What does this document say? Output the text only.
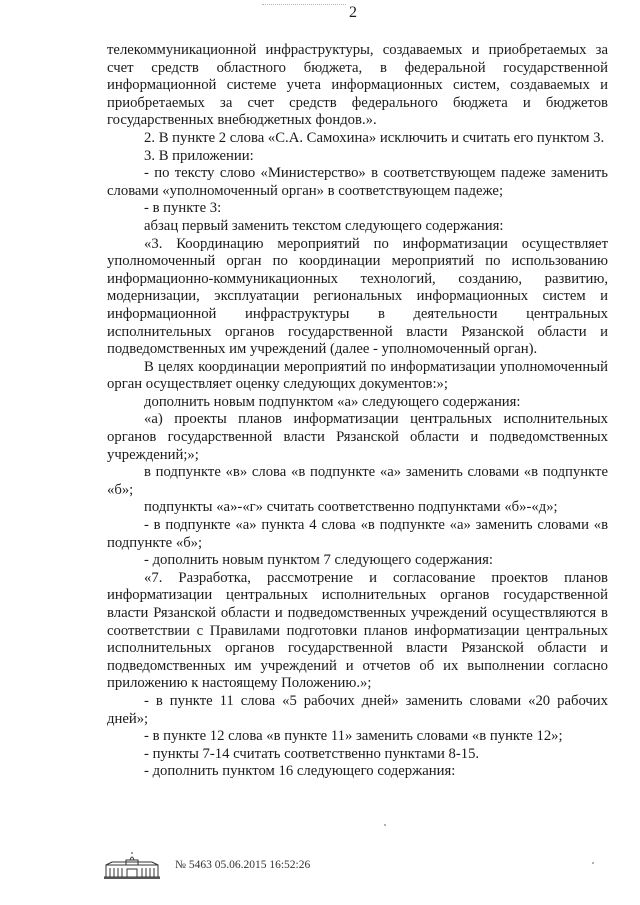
2

телекоммуникационной инфраструктуры, создаваемых и приобретаемых за счет средств областного бюджета, в федеральной государственной информационной системе учета информационных систем, создаваемых и приобретаемых за счет средств федерального бюджета и бюджетов государственных внебюджетных фондов.».

2. В пункте 2 слова «С.А. Самохина» исключить и считать его пунктом 3.

3. В приложении:

- по тексту слово «Министерство» в соответствующем падеже заменить словами «уполномоченный орган» в соответствующем падеже;

- в пункте 3:

абзац первый заменить текстом следующего содержания:

«3. Координацию мероприятий по информатизации осуществляет уполномоченный орган по координации мероприятий по использованию информационно-коммуникационных технологий, созданию, развитию, модернизации, эксплуатации региональных информационных систем и информационной инфраструктуры в деятельности центральных исполнительных органов государственной власти Рязанской области и подведомственных им учреждений (далее - уполномоченный орган).

В целях координации мероприятий по информатизации уполномоченный орган осуществляет оценку следующих документов:»;

дополнить новым подпунктом «а» следующего содержания:

«а) проекты планов информатизации центральных исполнительных органов государственной власти Рязанской области и подведомственных учреждений;»;

в подпункте «в» слова «в подпункте «а» заменить словами «в подпункте «б»;

подпункты «а»-«г» считать соответственно подпунктами «б»-«д»;

- в подпункте «а» пункта 4 слова «в подпункте «а» заменить словами «в подпункте «б»;

- дополнить новым пунктом 7 следующего содержания:

«7. Разработка, рассмотрение и согласование проектов планов информатизации центральных исполнительных органов государственной власти Рязанской области и подведомственных учреждений осуществляются в соответствии с Правилами подготовки планов информатизации центральных исполнительных органов государственной власти Рязанской области и подведомственных им учреждений и отчетов об их выполнении согласно приложению к настоящему Положению.»;

- в пункте 11 слова «5 рабочих дней» заменить словами «20 рабочих дней»;

- в пункте 12 слова «в пункте 11» заменить словами «в пункте 12»;

- пункты 7-14 считать соответственно пунктами 8-15.

- дополнить пунктом 16 следующего содержания:

№ 5463 05.06.2015 16:52:26
